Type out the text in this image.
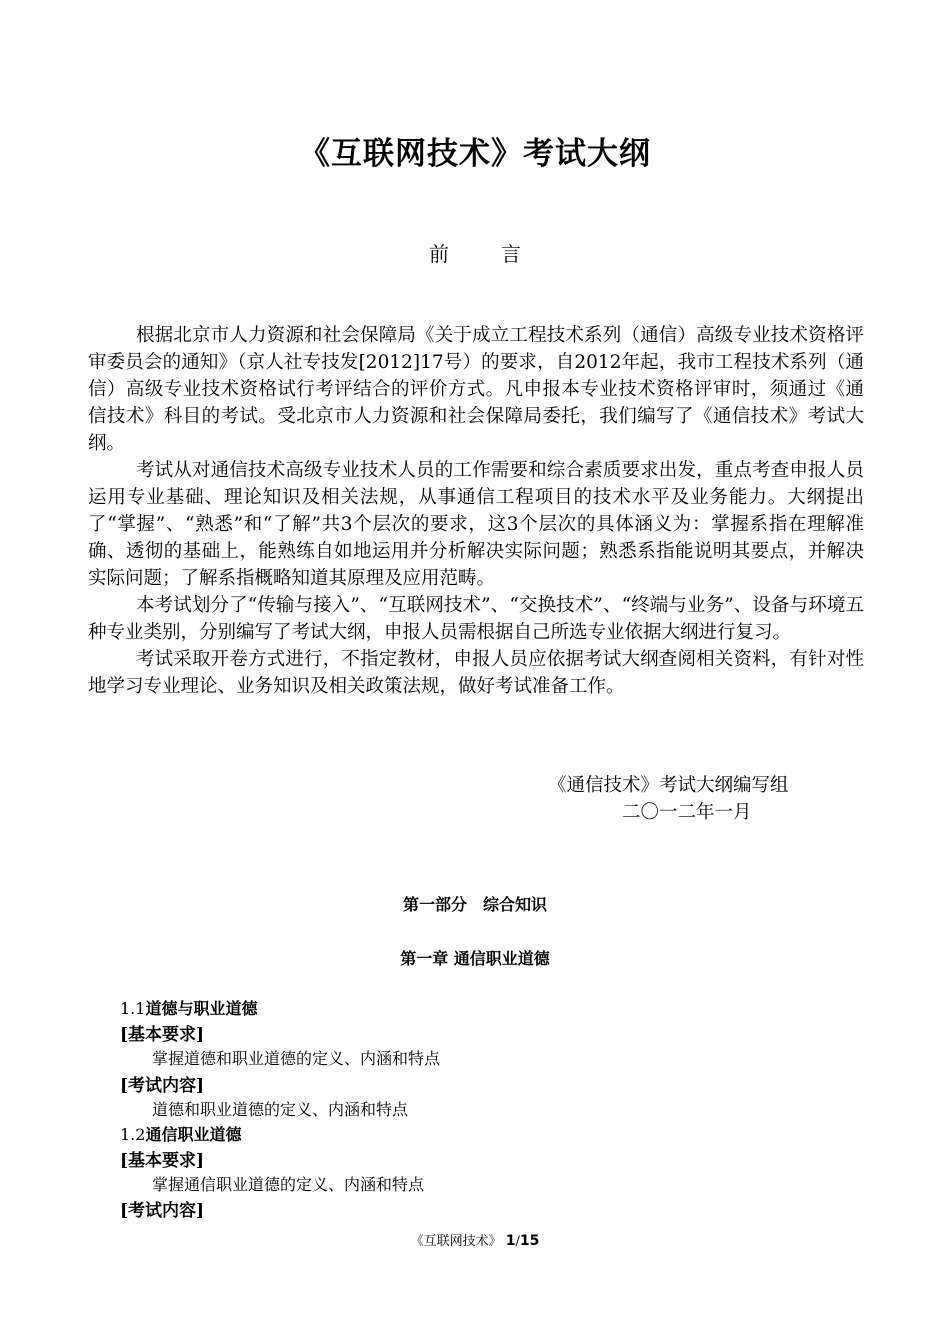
《互联网技术》考试大纲
前	言

根据北京市人力资源和社会保障局《关于成立工程技术系列（通信）高级专业技术资格评审委员会的通知》（京人社专技发[2012]17号）的要求，自2012年起，我市工程技术系列（通信）高级专业技术资格试行考评结合的评价方式。凡申报本专业技术资格评审时，须通过《通信技术》科目的考试。受北京市人力资源和社会保障局委托，我们编写了《通信技术》考试大纲。

考试从对通信技术高级专业技术人员的工作需要和综合素质要求出发，重点考查申报人员运用专业基础、理论知识及相关法规，从事通信工程项目的技术水平及业务能力。大纲提出了“掌握”、“熟悉”和“了解”共3个层次的要求，这3个层次的具体涵义为：掌握系指在理解准确、透彻的基础上，能熟练自如地运用并分析解决实际问题；熟悉系指能说明其要点，并解决实际问题；了解系指概略知道其原理及应用范畴。

本考试划分了“传输与接入”、“互联网技术”、“交换技术”、“终端与业务”、设备与环境五种专业类别，分别编写了考试大纲，申报人员需根据自己所选专业依据大纲进行复习。

考试采取开卷方式进行，不指定教材，申报人员应依据考试大纲查阅相关资料，有针对性地学习专业理论、业务知识及相关政策法规，做好考试准备工作。

《通信技术》考试大纲编写组
二〇一二年一月
第一部分　综合知识
第一章 通信职业道德
1.1道德与职业道德
[基本要求]
掌握道德和职业道德的定义、内涵和特点
[考试内容]
道德和职业道德的定义、内涵和特点
1.2通信职业道德
[基本要求]
掌握通信职业道德的定义、内涵和特点
[考试内容]
《互联网技术》 1/15
